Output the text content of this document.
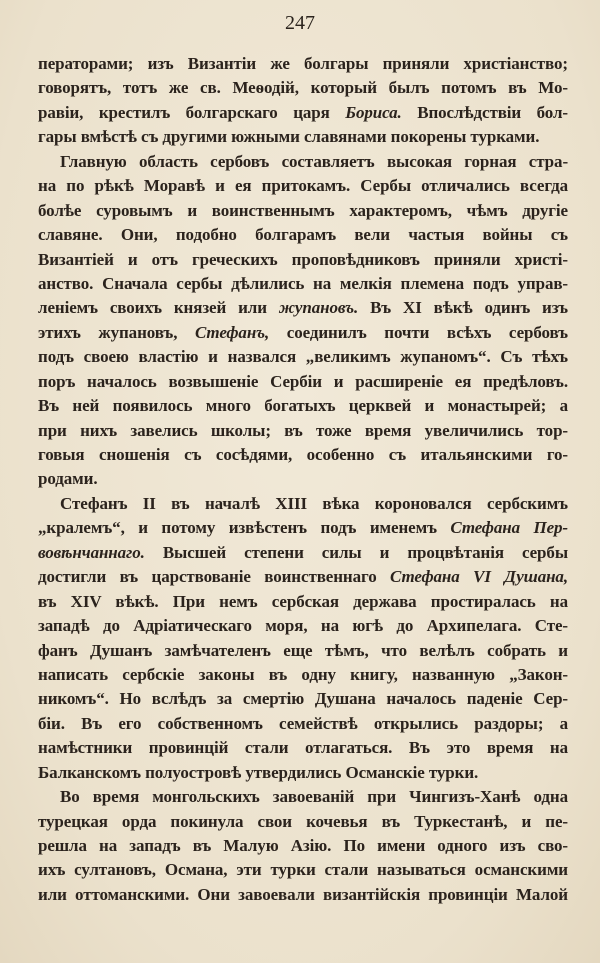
247
ператорами; изъ Византiи же болгары приняли христiанство;
говорятъ, тотъ же св. Меѳодiй, который былъ потомъ въ Мо-
равiи, крестилъ болгарскаго царя Бориса. Впослѣдствiи бол-
гары вмѣстѣ съ другими южными славянами покорены турками.
Главную область сербовъ составляетъ высокая горная стра-
на по рѣкѣ Моравѣ и ея притокамъ. Сербы отличались всегда
болѣе суровымъ и воинственнымъ характеромъ, чѣмъ другiе
славяне. Они, подобно болгарамъ вели частыя войны съ
Византiей и отъ греческихъ проповѣдниковъ приняли христi-
анство. Сначала сербы дѣлились на мелкiя племена подъ управ-
ленiемъ своихъ князей или жупановъ. Въ XI вѣкѣ одинъ изъ
этихъ жупановъ, Стефанъ, соединилъ почти всѣхъ сербовъ
подъ своею властiю и назвался „великимъ жупаномъ“. Съ тѣхъ
поръ началось возвышенiе Сербiи и расширенiе ея предѣловъ.
Въ ней появилось много богатыхъ церквей и монастырей; а
при нихъ завелись школы; въ тоже время увеличились тор-
говыя сношенiя съ сосѣдями, особенно съ итальянскими го-
родами.
Стефанъ II въ началѣ XIII вѣка короновался сербскимъ
„кралемъ“, и потому извѣстенъ подъ именемъ Стефана Пер-
вовѣнчаннаго. Высшей степени силы и процвѣтанiя сербы
достигли въ царствованiе воинственнаго Стефана VI Душана,
въ XIV вѣкѣ. При немъ сербская держава простиралась на
западѣ до Адрiатическаго моря, на югѣ до Архипелага. Сте-
фанъ Душанъ замѣчателенъ еще тѣмъ, что велѣлъ собрать и
написать сербскiе законы въ одну книгу, названную „Закон-
никомъ“. Но вслѣдъ за смертiю Душана началось паденiе Сер-
бiи. Въ его собственномъ семействѣ открылись раздоры; а
намѣстники провинцiй стали отлагаться. Въ это время на
Балканскомъ полуостровѣ утвердились Османскiе турки.
Во время монгольскихъ завоеванiй при Чингизъ-Ханѣ одна
турецкая орда покинула свои кочевья въ Туркестанѣ, и пе-
решла на западъ въ Малую Азiю. По имени одного изъ сво-
ихъ султановъ, Османа, эти турки стали называться османскими
или оттоманскими. Они завоевали византiйскiя провинцiи Малой
